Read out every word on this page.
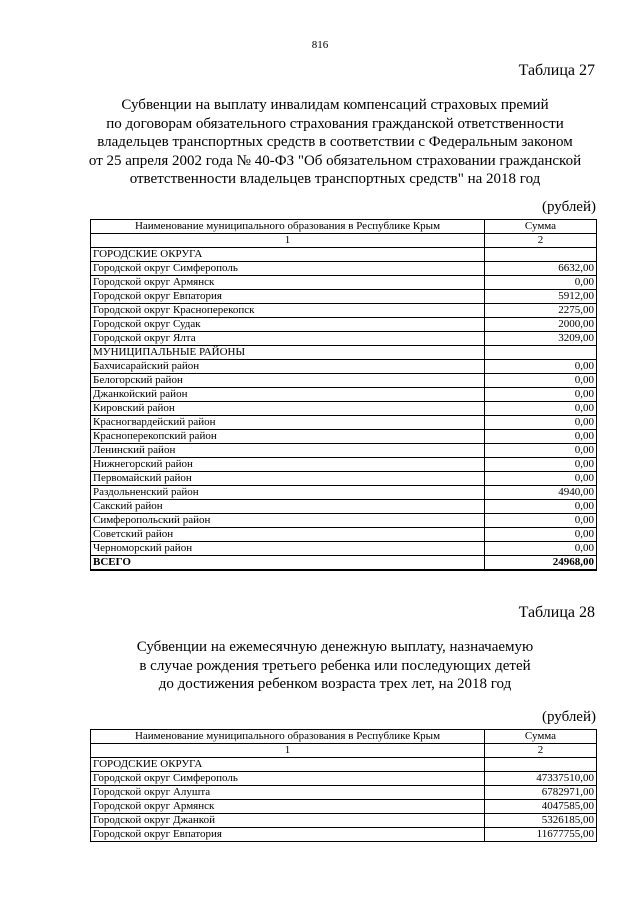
816
Таблица 27
Субвенции на выплату инвалидам компенсаций страховых премий
по договорам обязательного страхования гражданской ответственности
владельцев транспортных средств в соответствии с Федеральным законом
от 25 апреля 2002 года № 40-ФЗ "Об обязательном страховании гражданской
ответственности владельцев транспортных средств" на 2018 год
(рублей)
Наименование муниципального образования в Республике Крым	Сумма
1	2
ГОРОДСКИЕ ОКРУГА	
Городской округ Симферополь	6632,00
Городской округ Армянск	0,00
Городской округ Евпатория	5912,00
Городской округ Красноперекопск	2275,00
Городской округ Судак	2000,00
Городской округ Ялта	3209,00
МУНИЦИПАЛЬНЫЕ РАЙОНЫ	
Бахчисарайский район	0,00
Белогорский район	0,00
Джанкойский район	0,00
Кировский район	0,00
Красногвардейский район	0,00
Красноперекопский район	0,00
Ленинский район	0,00
Нижнегорский район	0,00
Первомайский район	0,00
Раздольненский район	4940,00
Сакский район	0,00
Симферопольский район	0,00
Советский район	0,00
Черноморский район	0,00
ВСЕГО	24968,00
Таблица 28
Субвенции на ежемесячную денежную выплату, назначаемую
в случае рождения третьего ребенка или последующих детей
до достижения ребенком возраста трех лет, на 2018 год
(рублей)
Наименование муниципального образования в Республике Крым	Сумма
1	2
ГОРОДСКИЕ ОКРУГА	
Городской округ Симферополь	47337510,00
Городской округ Алушта	6782971,00
Городской округ Армянск	4047585,00
Городской округ Джанкой	5326185,00
Городской округ Евпатория	11677755,00
